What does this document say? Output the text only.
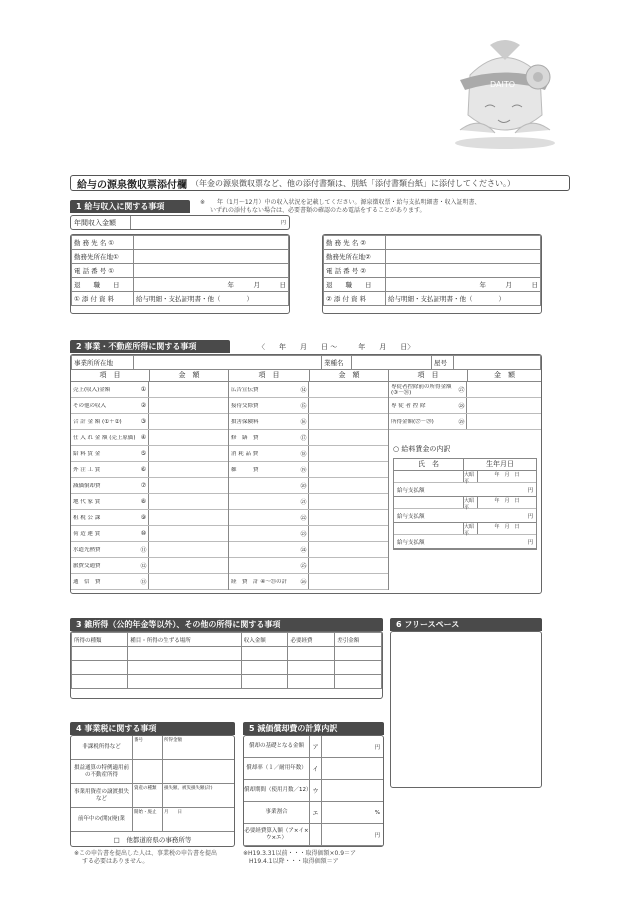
DAITO
給与の源泉徴収票添付欄 （年金の源泉徴収票など、他の添付書類は、別紙「添付書類台紙」に添付してください。）
1 給与収入に関する事項	※　　年（1月～12月）中の収入状況を記載してください。源泉徴収票・給与支払明細書・収入証明書、
いずれの添付もない場合は、必要書類の確認のため電話をすることがあります。
年間収入金額	円
勤 務 先 名 ①	
勤務先所在地①	
電 話 番 号 ①	
退　　職　　日	年　　　 月　　　 日
① 添 付 資 料	給与明細・支払証明書・他（　　　　）
勤 務 先 名 ②	
勤務先所在地②	
電 話 番 号 ②	
退　　職　　日	年　　　 月　　　 日
② 添 付 資 料	給与明細・支払証明書・他（　　　　）
2 事業・不動産所得に関する事項	〈　　年　　月　　日 ～　　　年　　月　　日〉
事業所所在地		業種名		屋号	
項　目	金　額
売上(収入)金額	①
その他の収入	②
合 計 金 額 (①＋②)	③
仕 入 れ 金 額 (売上原価) ④
給 料 賃 金	⑤
外 注 工 賃	⑥
減価償却費	⑦
地 代 家 賃	⑧
租 税 公 課	⑨
荷 造 運 賃	⑩
水道光熱費	⑪
旅費交通費	⑫
通　信　費	⑬
項　目	金　額
広告宣伝費	⑭
接待交際費	⑮
損害保険料	⑯
修　繕　費	⑰
消 耗 品 費	⑱
雑　　　費	⑲
⑳
㉑
㉒
㉓
㉔
㉕
経　費　計 ④～㉕の計	㉖
項　目	金　額
専従者控除前の所得金額(③－㉖)	㉗
専 従 者 控 除	㉘
所得金額(㉗－㉘)	㉙
○ 給料賃金の内訳
氏　名	生年月日
大昭平
年　月　日
給与支払額	円
大昭平
年　月　日
給与支払額	円
大昭平
年　月　日
給与支払額	円
3 雑所得（公的年金等以外）、その他の所得に関する事項
所得の種類	種目・所得の生ずる場所	収入金額	必要経費	差引金額

6 フリースペース
4 事業税に関する事項
非課税所得など
番号	所得金額
損益通算の特例適用前の不動産所得
事業用資産の譲渡損失など
資産の種類	損失額、被災損失額(計)
前年中の(開)(廃)業
開始・廃止	月　　日
□　他都道府県の事務所等
※この申告書を提出した人は、事業税の申告書を提出
する必要はありません。
5 減価償却費の計算内訳
償却の基礎となる金額	ア	円
償却率（１／耐用年数） イ
償却期間（使用月数／12） ウ
事業割合	エ	%
必要経費算入額（ア×イ×ウ×エ）	円
※H19.3.31以前・・・取得価額×0.9＝ア
　H19.4.1以降・・・取得価額＝ア
